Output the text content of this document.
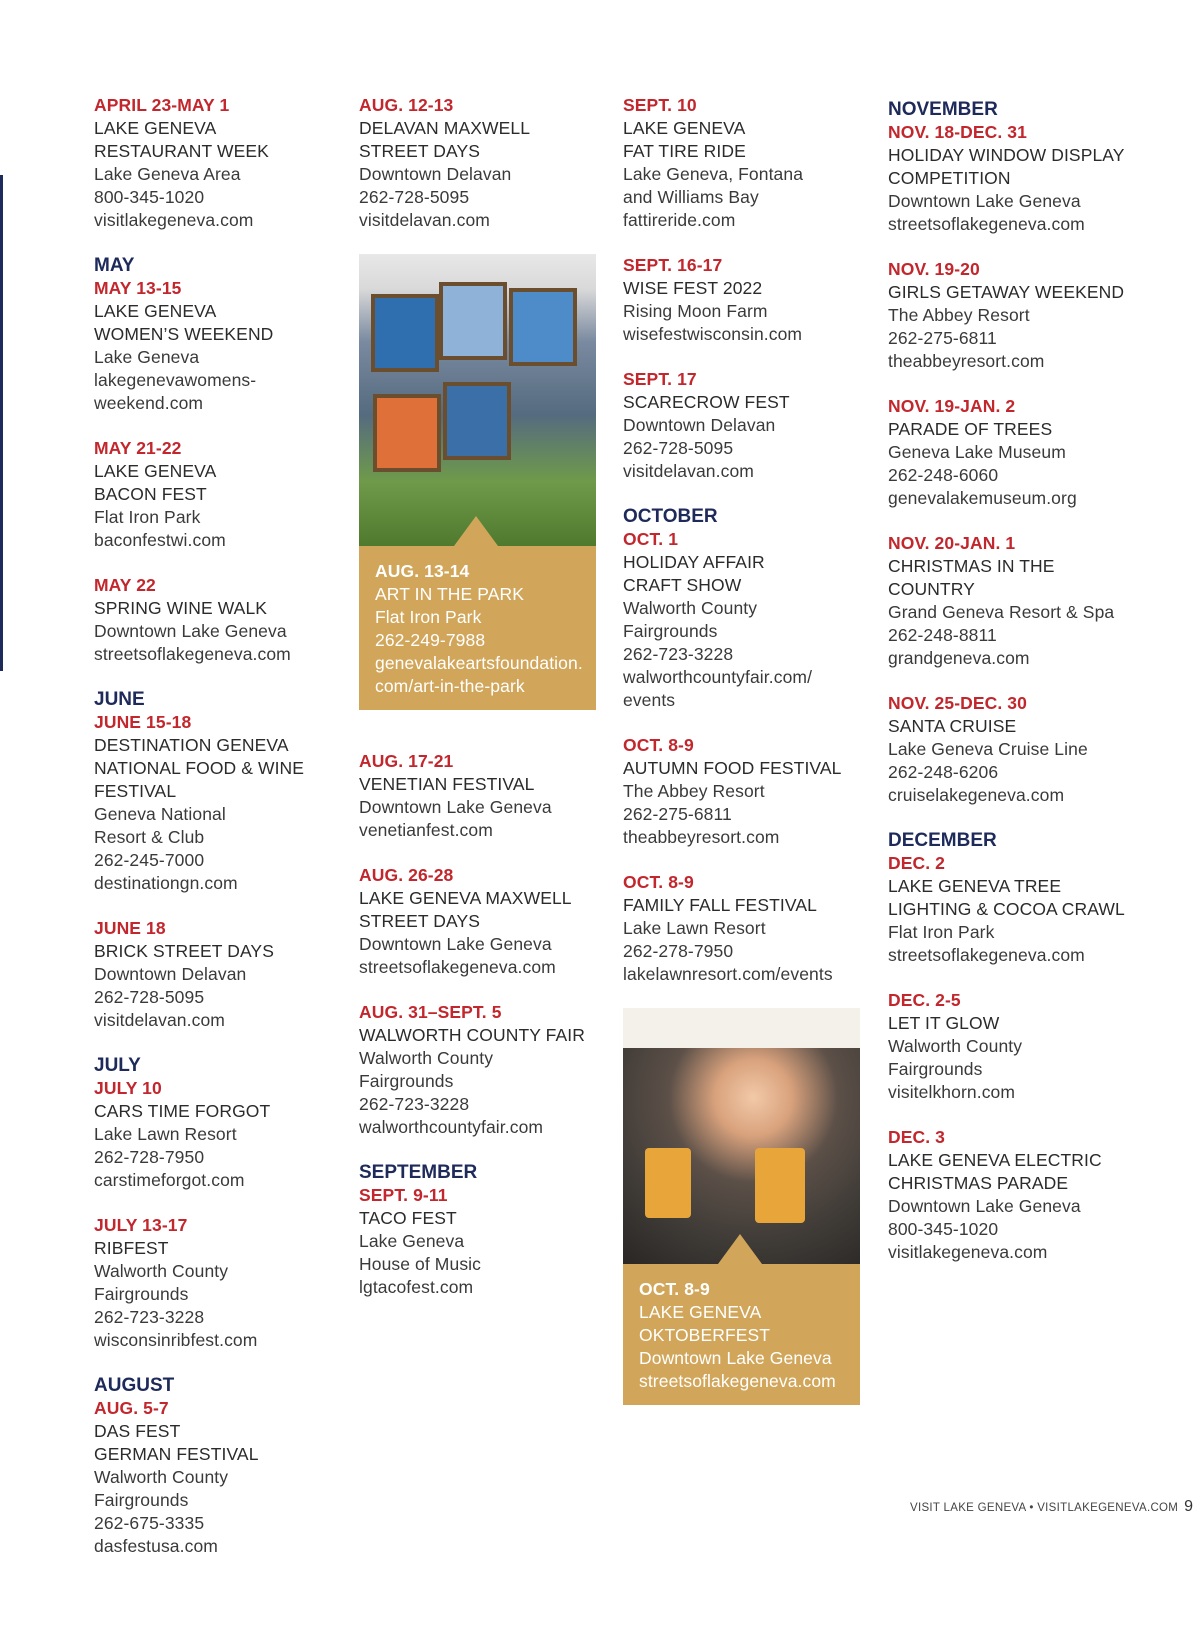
APRIL 23-MAY 1
LAKE GENEVA
RESTAURANT WEEK
Lake Geneva Area
800-345-1020
visitlakegeneva.com
MAY
MAY 13-15
LAKE GENEVA
WOMEN’S WEEKEND
Lake Geneva
lakegenevawomens-
weekend.com
MAY 21-22
LAKE GENEVA
BACON FEST
Flat Iron Park
baconfestwi.com
MAY 22
SPRING WINE WALK
Downtown Lake Geneva
streetsoflakegeneva.com
JUNE
JUNE 15-18
DESTINATION GENEVA
NATIONAL FOOD & WINE
FESTIVAL
Geneva National
Resort & Club
262-245-7000
destinationgn.com
JUNE 18
BRICK STREET DAYS
Downtown Delavan
262-728-5095
visitdelavan.com
JULY
JULY 10
CARS TIME FORGOT
Lake Lawn Resort
262-728-7950
carstimeforgot.com
JULY 13-17
RIBFEST
Walworth County
Fairgrounds
262-723-3228
wisconsinribfest.com
AUGUST
AUG. 5-7
DAS FEST
GERMAN FESTIVAL
Walworth County
Fairgrounds
262-675-3335
dasfestusa.com
AUG. 12-13
DELAVAN MAXWELL
STREET DAYS
Downtown Delavan
262-728-5095
visitdelavan.com
AUG. 13-14
ART IN THE PARK
Flat Iron Park
262-249-7988
genevalakeartsfoundation.
com/art-in-the-park
AUG. 17-21
VENETIAN FESTIVAL
Downtown Lake Geneva
venetianfest.com
AUG. 26-28
LAKE GENEVA MAXWELL
STREET DAYS
Downtown Lake Geneva
streetsoflakegeneva.com
AUG. 31–SEPT. 5
WALWORTH COUNTY FAIR
Walworth County
Fairgrounds
262-723-3228
walworthcountyfair.com
SEPTEMBER
SEPT. 9-11
TACO FEST
Lake Geneva
House of Music
lgtacofest.com
SEPT. 10
LAKE GENEVA
FAT TIRE RIDE
Lake Geneva, Fontana
and Williams Bay
fattireride.com
SEPT. 16-17
WISE FEST 2022
Rising Moon Farm
wisefestwisconsin.com
SEPT. 17
SCARECROW FEST
Downtown Delavan
262-728-5095
visitdelavan.com
OCTOBER
OCT. 1
HOLIDAY AFFAIR
CRAFT SHOW
Walworth County
Fairgrounds
262-723-3228
walworthcountyfair.com/
events
OCT. 8-9
AUTUMN FOOD FESTIVAL
The Abbey Resort
262-275-6811
theabbeyresort.com
OCT. 8-9
FAMILY FALL FESTIVAL
Lake Lawn Resort
262-278-7950
lakelawnresort.com/events
OCT. 8-9
LAKE GENEVA
OKTOBERFEST
Downtown Lake Geneva
streetsoflakegeneva.com
NOVEMBER
NOV. 18-DEC. 31
HOLIDAY WINDOW DISPLAY
COMPETITION
Downtown Lake Geneva
streetsoflakegeneva.com
NOV. 19-20
GIRLS GETAWAY WEEKEND
The Abbey Resort
262-275-6811
theabbeyresort.com
NOV. 19-JAN. 2
PARADE OF TREES
Geneva Lake Museum
262-248-6060
genevalakemuseum.org
NOV. 20-JAN. 1
CHRISTMAS IN THE
COUNTRY
Grand Geneva Resort & Spa
262-248-8811
grandgeneva.com
NOV. 25-DEC. 30
SANTA CRUISE
Lake Geneva Cruise Line
262-248-6206
cruiselakegeneva.com
DECEMBER
DEC. 2
LAKE GENEVA TREE
LIGHTING & COCOA CRAWL
Flat Iron Park
streetsoflakegeneva.com
DEC. 2-5
LET IT GLOW
Walworth County
Fairgrounds
visitelkhorn.com
DEC. 3
LAKE GENEVA ELECTRIC
CHRISTMAS PARADE
Downtown Lake Geneva
800-345-1020
visitlakegeneva.com
VISIT LAKE GENEVA • VISITLAKEGENEVA.COM 9
